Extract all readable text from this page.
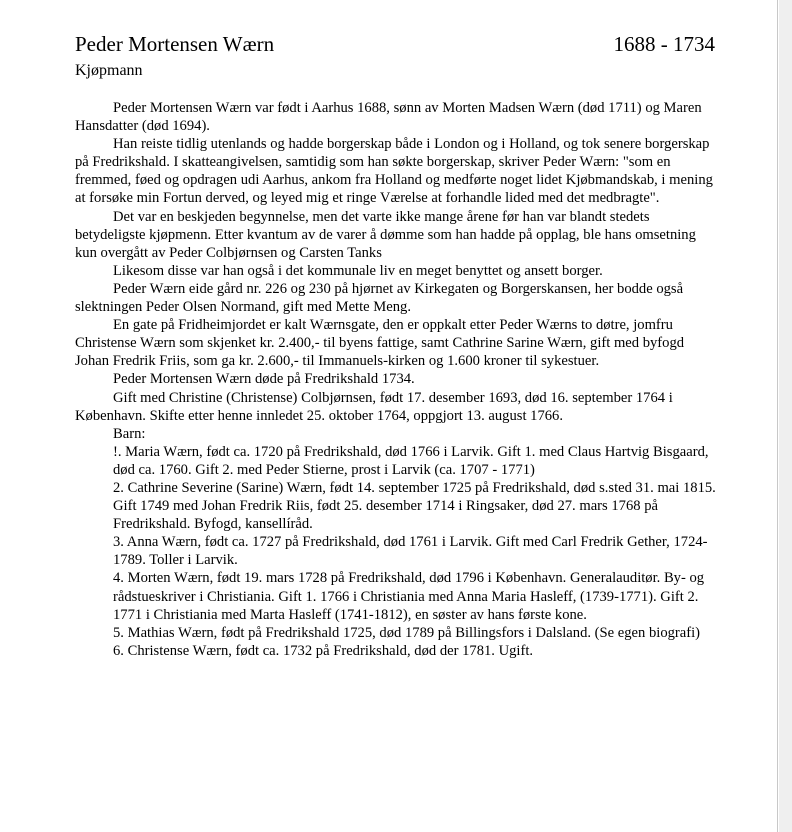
Peder Mortensen Wærn	1688 - 1734
Kjøpmann

Peder Mortensen Wærn var født i Aarhus 1688, sønn av Morten Madsen Wærn (død 1711) og Maren Hansdatter (død 1694).

Han reiste tidlig utenlands og hadde borgerskap både i London og i Holland, og tok senere borgerskap på Fredrikshald. I skatteangivelsen, samtidig som han søkte borgerskap, skriver Peder Wærn: "som en fremmed, føed og opdragen udi Aarhus, ankom fra Holland og medførte noget lidet Kjøbmandskab, i mening at forsøke min Fortun derved, og leyed mig et ringe Værelse at forhandle lided med det medbragte".

Det var en beskjeden begynnelse, men det varte ikke mange årene før han var blandt stedets betydeligste kjøpmenn. Etter kvantum av de varer å dømme som han hadde på opplag, ble hans omsetning kun overgått av Peder Colbjørnsen og Carsten Tanks

Likesom disse var han også i det kommunale liv en meget benyttet og ansett borger.

Peder Wærn eide gård nr. 226 og 230 på hjørnet av Kirkegaten og Borgerskansen, her bodde også slektningen Peder Olsen Normand, gift med Mette Meng.

En gate på Fridheimjordet er kalt Wærnsgate, den er oppkalt etter Peder Wærns to døtre, jomfru Christense Wærn som skjenket kr. 2.400,- til byens fattige, samt Cathrine Sarine Wærn, gift med byfogd Johan Fredrik Friis, som ga kr. 2.600,- til Immanuels-kirken og 1.600 kroner til sykestuer.

Peder Mortensen Wærn døde på Fredrikshald 1734.

Gift med Christine (Christense) Colbjørnsen, født 17. desember 1693, død 16. september 1764 i København. Skifte etter henne innledet 25. oktober 1764, oppgjort 13. august 1766.

Barn:

!. Maria Wærn, født ca. 1720 på Fredrikshald, død 1766 i Larvik. Gift 1. med Claus Hartvig Bisgaard, død ca. 1760. Gift 2. med Peder Stierne, prost i Larvik (ca. 1707 - 1771)
2. Cathrine Severine (Sarine) Wærn, født 14. september 1725 på Fredrikshald, død s.sted 31. mai 1815. Gift 1749 med Johan Fredrik Riis, født 25. desember 1714 i Ringsaker, død 27. mars 1768 på Fredrikshald. Byfogd, kansellíråd.
3. Anna Wærn, født ca. 1727 på Fredrikshald, død 1761 i Larvik. Gift med Carl Fredrik Gether, 1724-1789. Toller i Larvik.
4. Morten Wærn, født 19. mars 1728 på Fredrikshald, død 1796 i København. Generalauditør. By- og rådstueskriver i Christiania. Gift 1. 1766 i Christiania med Anna Maria Hasleff, (1739-1771). Gift 2. 1771 i Christiania med Marta Hasleff (1741-1812), en søster av hans første kone.
5. Mathias Wærn, født på Fredrikshald 1725, død 1789 på Billingsfors i Dalsland. (Se egen biografi)
6. Christense Wærn, født ca. 1732 på Fredrikshald, død der 1781. Ugift.
